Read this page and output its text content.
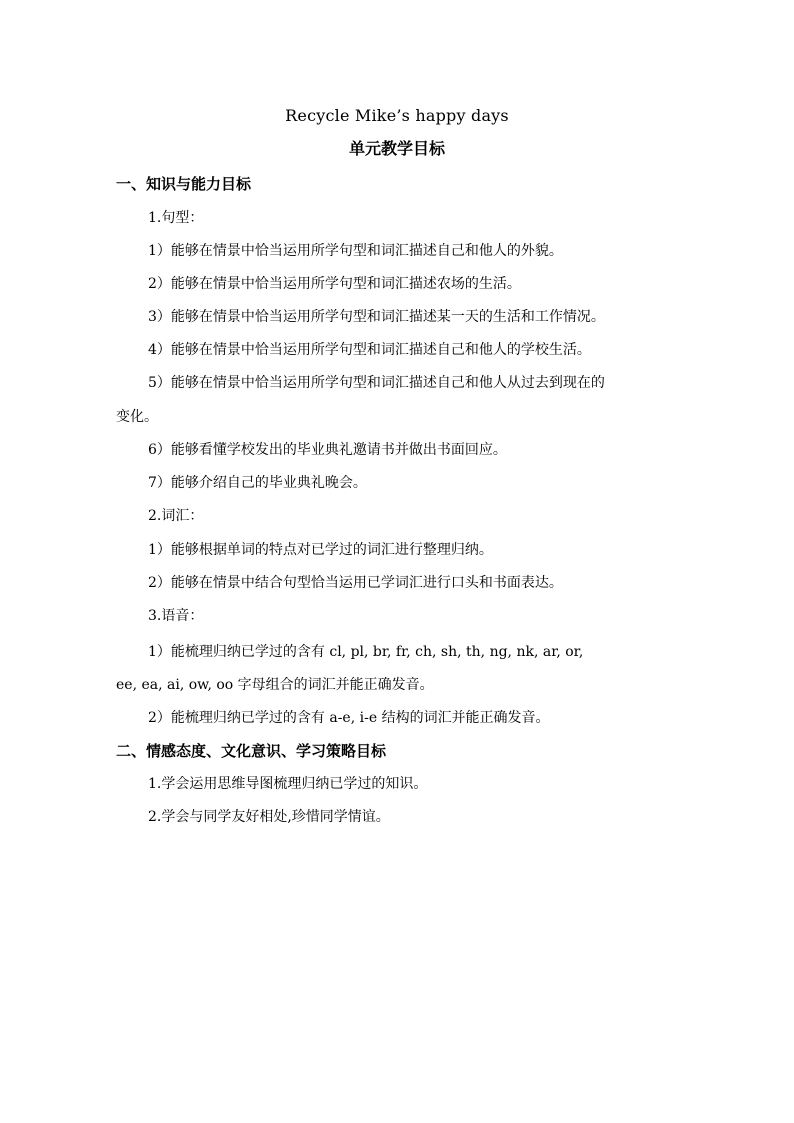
Recycle Mike’s happy days
单元教学目标
一、知识与能力目标
1.句型：
1）能够在情景中恰当运用所学句型和词汇描述自己和他人的外貌。
2）能够在情景中恰当运用所学句型和词汇描述农场的生活。
3）能够在情景中恰当运用所学句型和词汇描述某一天的生活和工作情况。
4）能够在情景中恰当运用所学句型和词汇描述自己和他人的学校生活。
5）能够在情景中恰当运用所学句型和词汇描述自己和他人从过去到现在的
变化。
6）能够看懂学校发出的毕业典礼邀请书并做出书面回应。
7）能够介绍自己的毕业典礼晚会。
2.词汇：
1）能够根据单词的特点对已学过的词汇进行整理归纳。
2）能够在情景中结合句型恰当运用已学词汇进行口头和书面表达。
3.语音：
1）能梳理归纳已学过的含有 cl, pl, br, fr, ch, sh, th, ng, nk, ar, or,
ee, ea, ai, ow, oo 字母组合的词汇并能正确发音。
2）能梳理归纳已学过的含有 a-e, i-e 结构的词汇并能正确发音。
二、情感态度、文化意识、学习策略目标
1.学会运用思维导图梳理归纳已学过的知识。
2.学会与同学友好相处,珍惜同学情谊。
